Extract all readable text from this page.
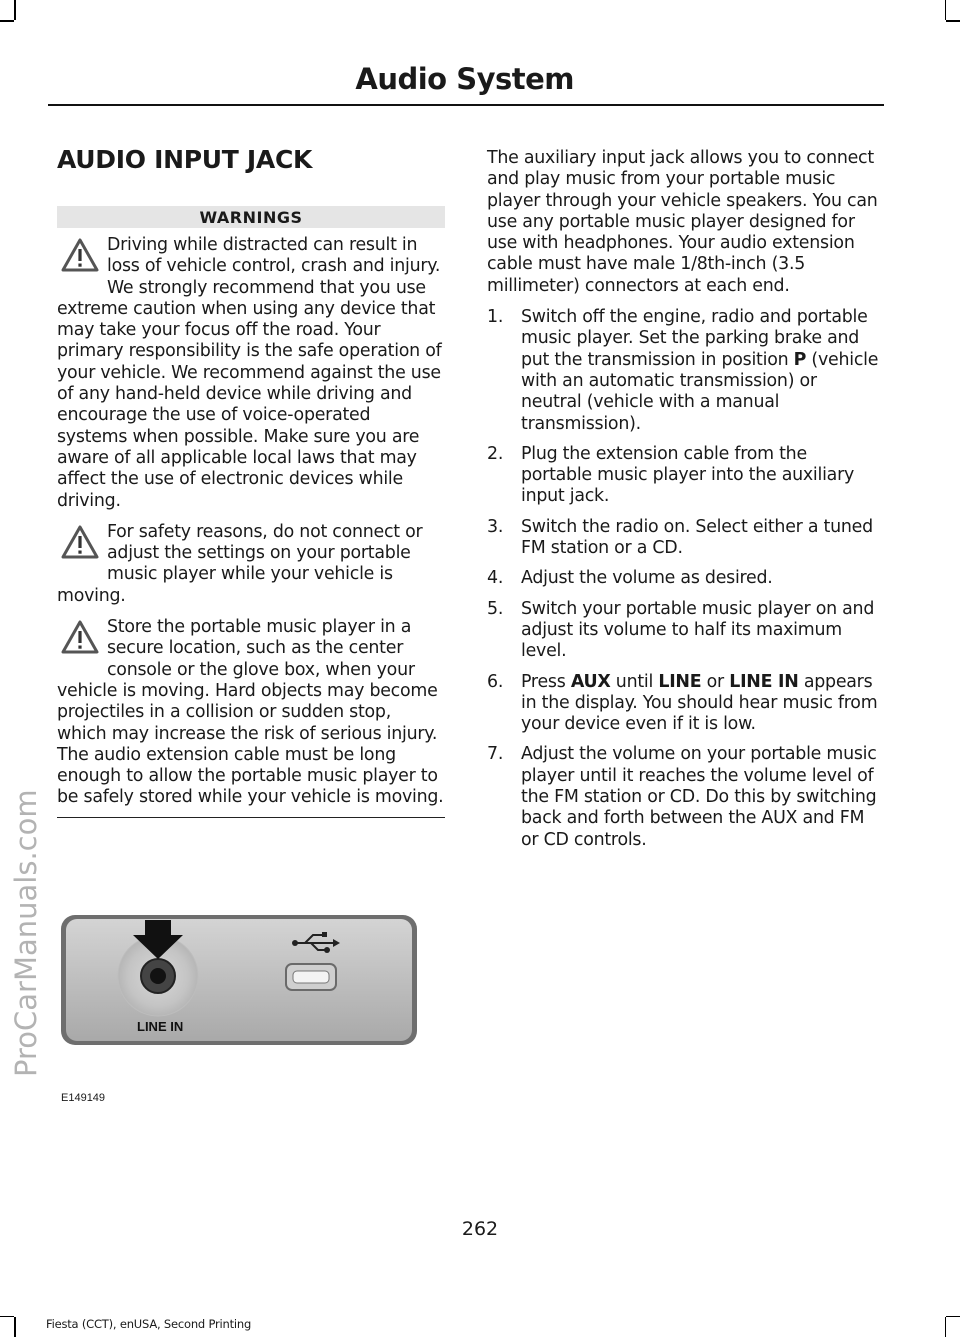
Audio System
ProCarManuals.com
AUDIO INPUT JACK
WARNINGS
Driving while distracted can result in loss of vehicle control, crash and injury. We strongly recommend that you use extreme caution when using any device that may take your focus off the road. Your primary responsibility is the safe operation of your vehicle. We recommend against the use of any hand-held device while driving and encourage the use of voice-operated systems when possible. Make sure you are aware of all applicable local laws that may affect the use of electronic devices while driving.
For safety reasons, do not connect or adjust the settings on your portable music player while your vehicle is moving.
Store the portable music player in a secure location, such as the center console or the glove box, when your vehicle is moving. Hard objects may become projectiles in a collision or sudden stop, which may increase the risk of serious injury. The audio extension cable must be long enough to allow the portable music player to be safely stored while your vehicle is moving.

The auxiliary input jack allows you to connect and play music from your portable music player through your vehicle speakers. You can use any portable music player designed for use with headphones. Your audio extension cable must have male 1/8th-inch (3.5 millimeter) connectors at each end.

1. Switch off the engine, radio and portable music player. Set the parking brake and put the transmission in position P (vehicle with an automatic transmission) or neutral (vehicle with a manual transmission).
2. Plug the extension cable from the portable music player into the auxiliary input jack.
3. Switch the radio on. Select either a tuned FM station or a CD.
4. Adjust the volume as desired.
5. Switch your portable music player on and adjust its volume to half its maximum level.
6. Press AUX until LINE or LINE IN appears in the display. You should hear music from your device even if it is low.
7. Adjust the volume on your portable music player until it reaches the volume level of the FM station or CD. Do this by switching back and forth between the AUX and FM or CD controls.
LINE IN
E149149
262
Fiesta (CCT), enUSA, Second Printing
